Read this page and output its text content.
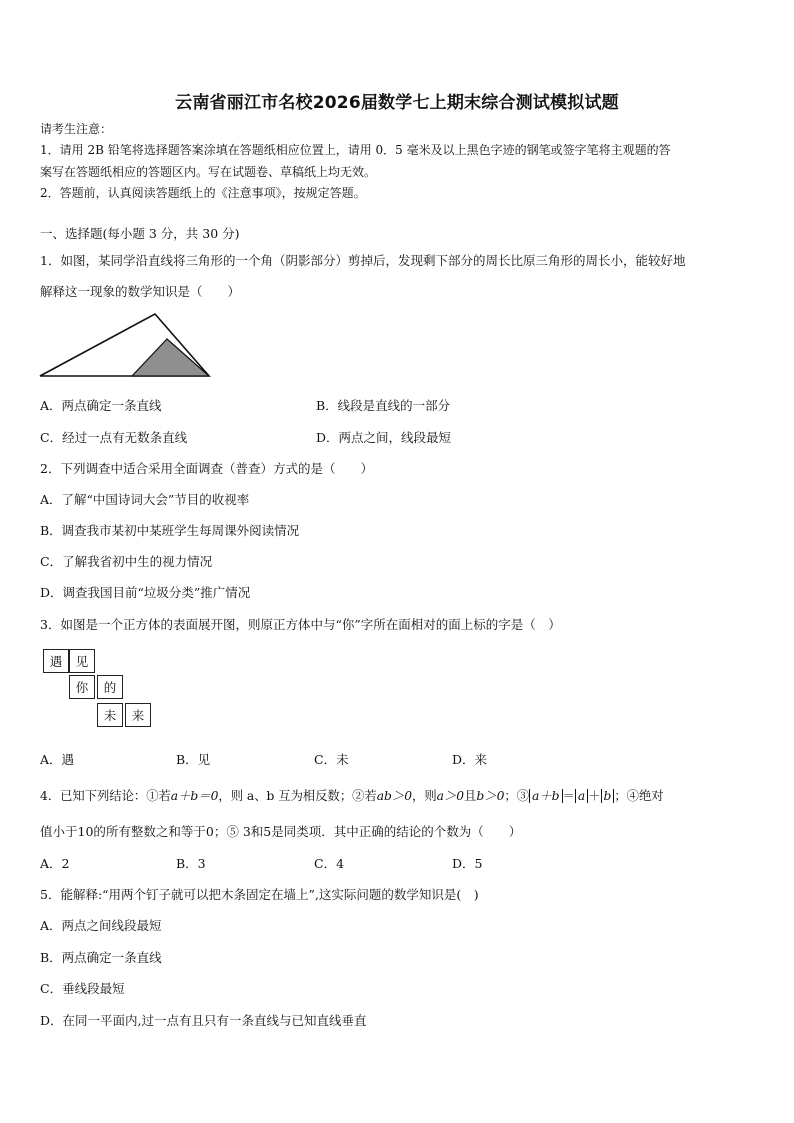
云南省丽江市名校2026届数学七上期末综合测试模拟试题
请考生注意：
1．请用 2B 铅笔将选择题答案涂填在答题纸相应位置上，请用 0．5 毫米及以上黑色字迹的钢笔或签字笔将主观题的答
案写在答题纸相应的答题区内。写在试题卷、草稿纸上均无效。
2．答题前，认真阅读答题纸上的《注意事项》，按规定答题。
一、选择题(每小题 3 分，共 30 分)
1．如图，某同学沿直线将三角形的一个角（阴影部分）剪掉后，发现剩下部分的周长比原三角形的周长小，能较好地
解释这一现象的数学知识是（　　）
A．两点确定一条直线	B．线段是直线的一部分
C．经过一点有无数条直线	D．两点之间，线段最短
2．下列调查中适合采用全面调查（普查）方式的是（　　）
A．了解“中国诗词大会”节目的收视率
B．调查我市某初中某班学生每周课外阅读情况
C．了解我省初中生的视力情况
D．调查我国目前“垃圾分类”推广情况
3．如图是一个正方体的表面展开图，则原正方体中与“你”字所在面相对的面上标的字是（　）
遇	见
你	的
未	来
A．遇	B．见	C．未	D．来
4．已知下列结论：①若a＋b＝0，则 a、b 互为相反数；②若ab＞0，则a＞0且b＞0；③ a＋b ＝ a ＋ b ；④绝对
值小于10的所有整数之和等于0；⑤ 3和5是同类项．其中正确的结论的个数为（　　）
A．2	B．3	C．4	D．5
5．能解释:“用两个钉子就可以把木条固定在墙上”,这实际问题的数学知识是(　)
A．两点之间线段最短
B．两点确定一条直线
C．垂线段最短
D．在同一平面内,过一点有且只有一条直线与已知直线垂直
